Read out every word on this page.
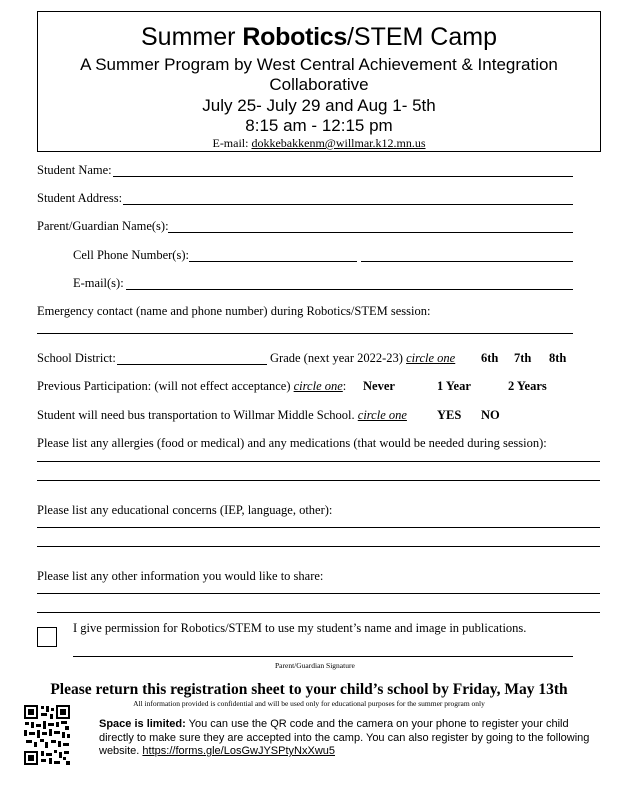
Summer Robotics/STEM Camp
A Summer Program by West Central Achievement & Integration
Collaborative
July 25- July 29 and Aug 1- 5th
8:15 am - 12:15 pm
E-mail: dokkebakkenm@willmar.k12.mn.us
Student Name:
Student Address:
Parent/Guardian Name(s):
Cell Phone Number(s):
E-mail(s):
Emergency contact (name and phone number) during Robotics/STEM session:
School District:	Grade (next year 2022-23) circle one 6th 7th 8th
Previous Participation: (will not effect acceptance) circle one: Never	1 Year	2 Years
Student will need bus transportation to Willmar Middle School. circle one YES NO
Please list any allergies (food or medical) and any medications (that would be needed during session):
Please list any educational concerns (IEP, language, other):
Please list any other information you would like to share:
I give permission for Robotics/STEM to use my student’s name and image in publications.
Parent/Guardian Signature
Please return this registration sheet to your child’s school by Friday, May 13th
All information provided is confidential and will be used only for educational purposes for the summer program only
Space is limited: You can use the QR code and the camera on your phone to register your child directly to make sure they are accepted into the camp. You can also register by going to the following website. https://forms.gle/LosGwJYSPtyNxXwu5
